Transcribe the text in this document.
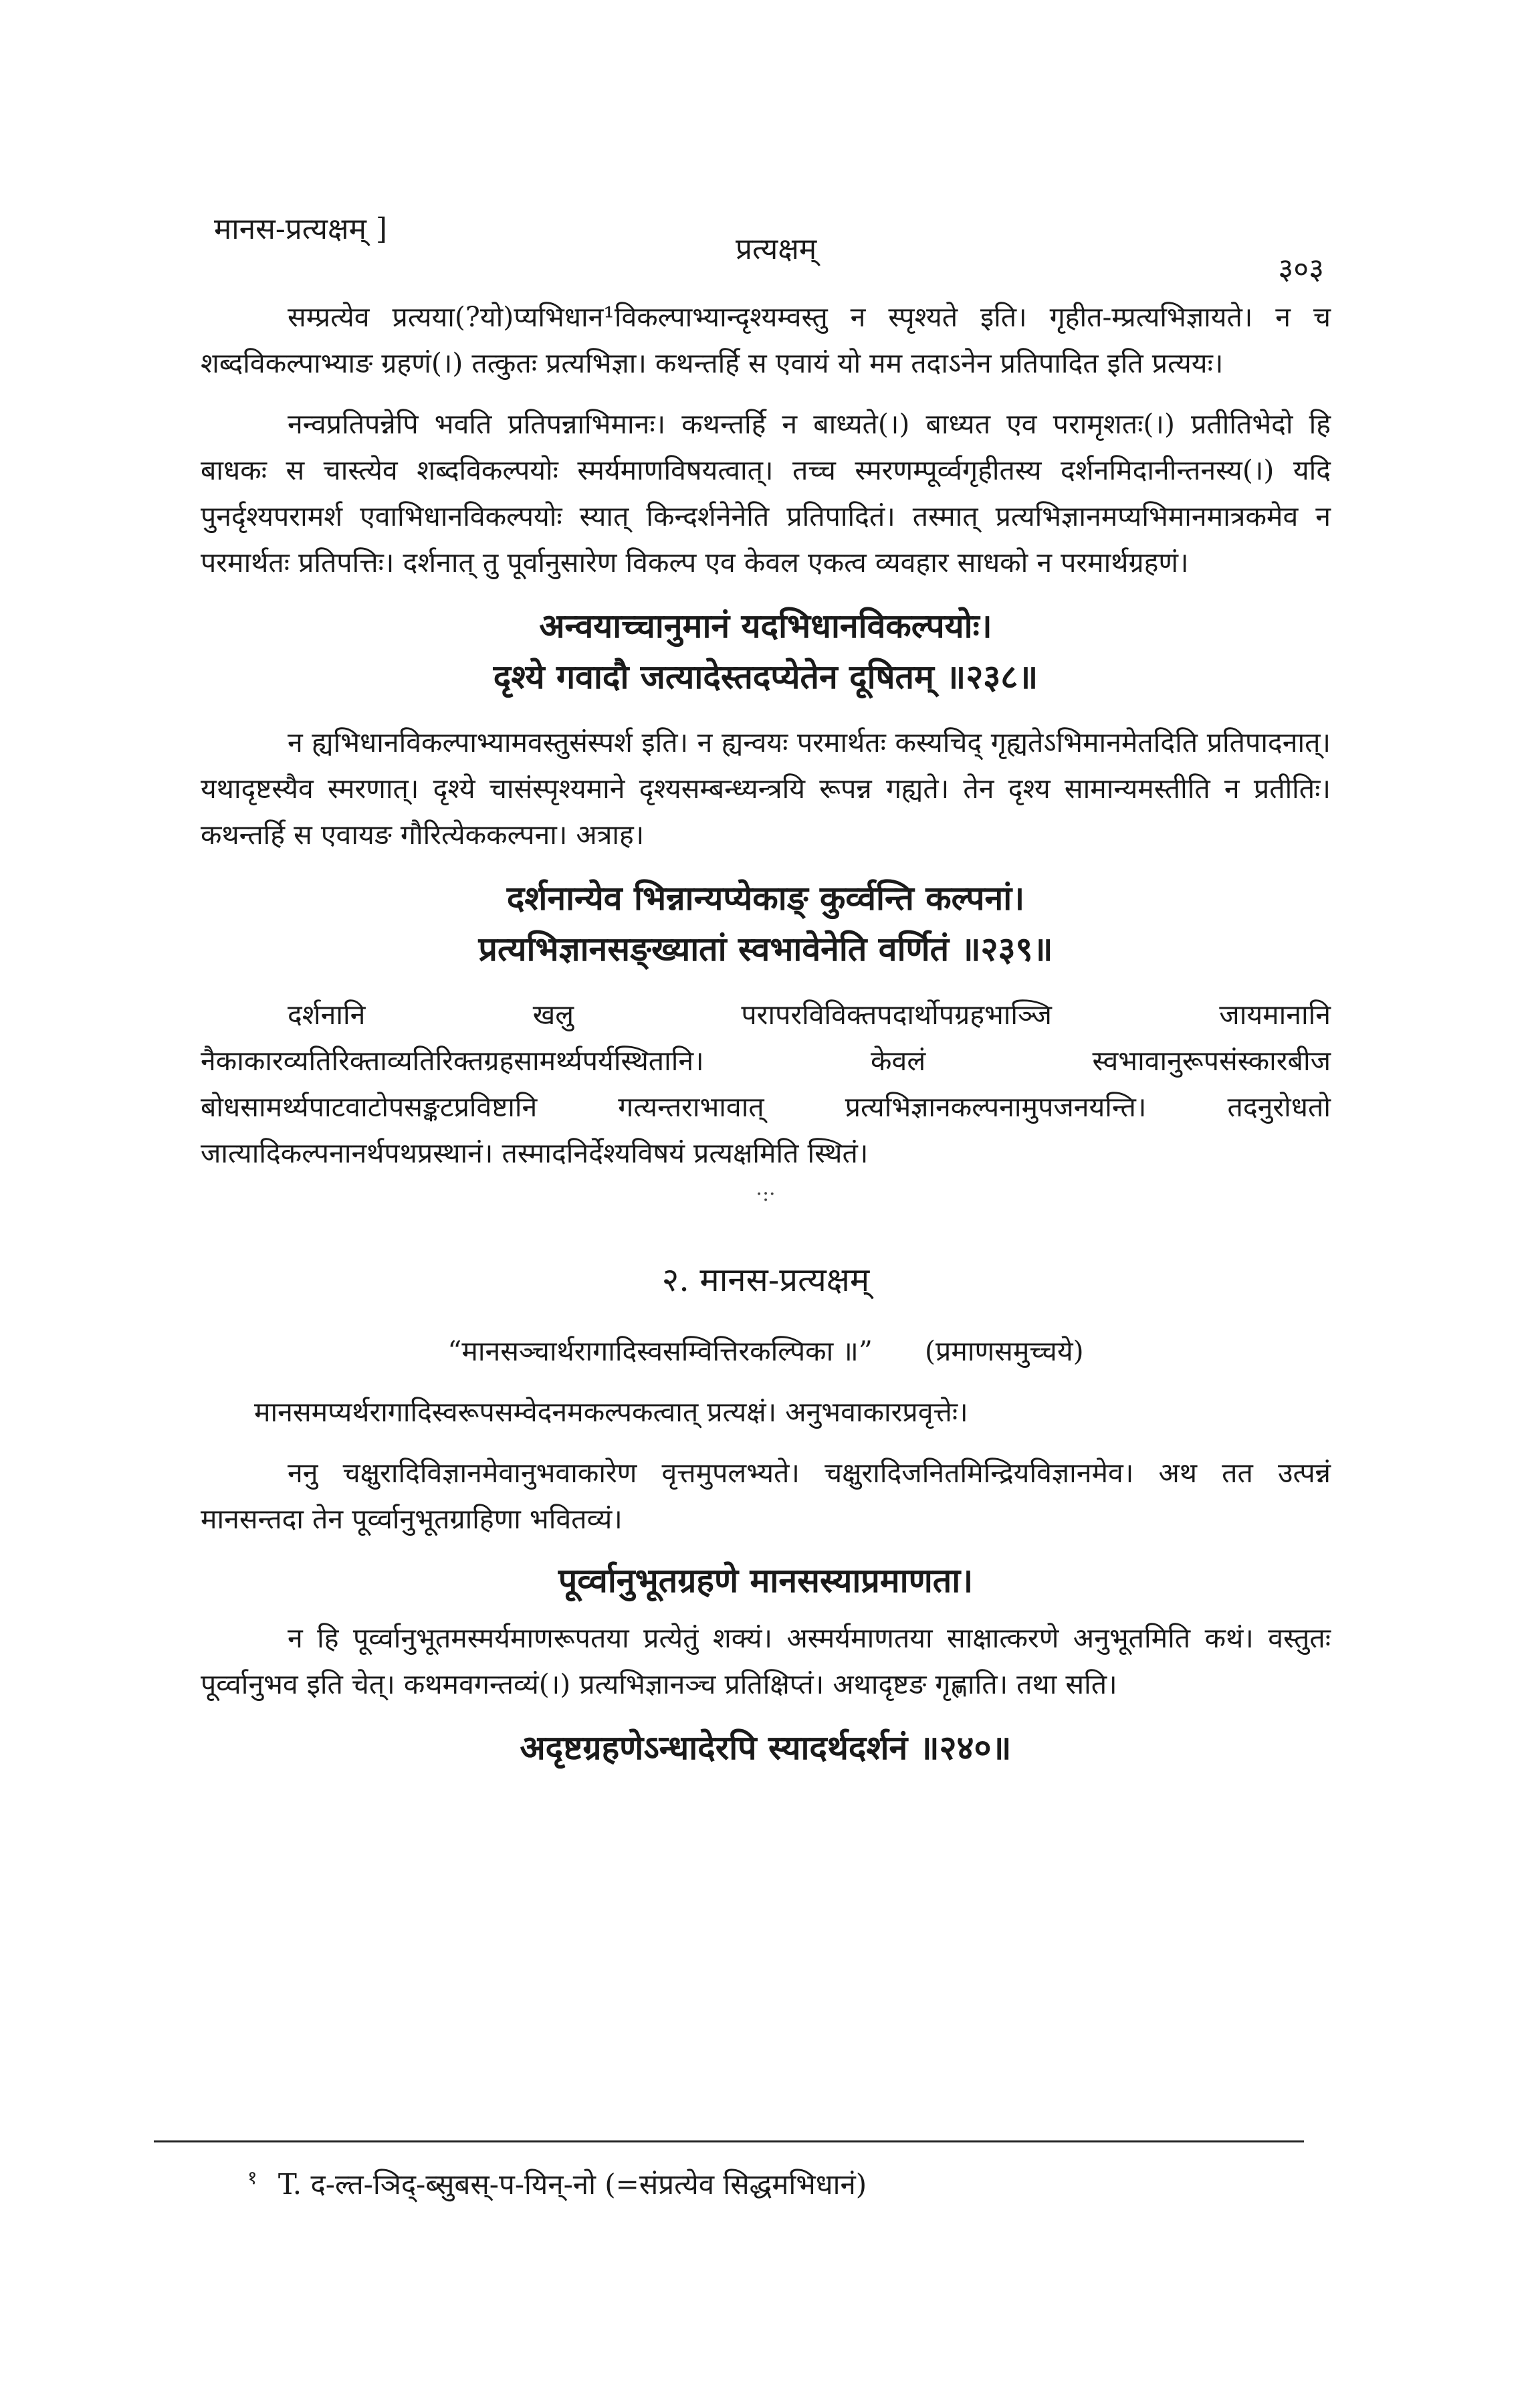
मानस-प्रत्यक्षम् ]
प्रत्यक्षम्
३०३

सम्प्रत्येव प्रत्यया(?यो)प्यभिधान¹विकल्पाभ्यान्दृश्यम्वस्तु न स्पृश्यते इति। गृहीत-म्प्रत्यभिज्ञायते। न च शब्दविकल्पाभ्याङ ग्रहणं(।) तत्कुतः प्रत्यभिज्ञा। कथन्तर्हि स एवायं यो मम तदाऽनेन प्रतिपादित इति प्रत्ययः।

नन्वप्रतिपन्नेपि भवति प्रतिपन्नाभिमानः। कथन्तर्हि न बाध्यते(।) बाध्यत एव परामृशतः(।) प्रतीतिभेदो हि बाधकः स चास्त्येव शब्दविकल्पयोः स्मर्यमाणविषयत्वात्। तच्च स्मरणम्पूर्व्वगृहीतस्य दर्शनमिदानीन्तनस्य(।) यदि पुनर्दृश्यपरामर्श एवाभिधानविकल्पयोः स्यात् किन्दर्शनेनेति प्रतिपादितं। तस्मात् प्रत्यभिज्ञानमप्यभिमानमात्रकमेव न परमार्थतः प्रतिपत्तिः। दर्शनात् तु पूर्वानुसारेण विकल्प एव केवल एकत्व व्यवहार साधको न परमार्थग्रहणं।

अन्वयाच्चानुमानं यदभिधानविकल्पयोः।
दृश्ये गवादौ जत्यादेस्तदप्येतेन दूषितम् ॥२३८॥

न ह्यभिधानविकल्पाभ्यामवस्तुसंस्पर्श इति। न ह्यन्वयः परमार्थतः कस्यचिद् गृह्यतेऽभिमानमेतदिति प्रतिपादनात्। यथादृष्टस्यैव स्मरणात्। दृश्ये चासंस्पृश्यमाने दृश्यसम्बन्ध्यन्त्रयि रूपन्न गह्यते। तेन दृश्य सामान्यमस्तीति न प्रतीतिः। कथन्तर्हि स एवायङ गौरित्येककल्पना। अत्राह।

दर्शनान्येव भिन्नान्यप्येकाङ् कुर्व्वन्ति कल्पनां।
प्रत्यभिज्ञानसङ्ख्यातां स्वभावेनेति वर्णितं ॥२३९॥

दर्शनानि खलु परापरविविक्तपदार्थोपग्रहभाञ्जि जायमानानि नैकाकारव्यतिरिक्ताव्यतिरिक्तग्रहसामर्थ्यपर्यस्थितानि। केवलं स्वभावानुरूपसंस्कारबीज बोधसामर्थ्यपाटवाटोपसङ्कटप्रविष्टानि गत्यन्तराभावात् प्रत्यभिज्ञानकल्पनामुपजनयन्ति। तदनुरोधतो जात्यादिकल्पनानर्थपथप्रस्थानं। तस्मादनिर्देश्यविषयं प्रत्यक्षमिति स्थितं।

·:·
२. मानस-प्रत्यक्षम्
“मानसञ्चार्थरागादिस्वसम्वित्तिरकल्पिका ॥” (प्रमाणसमुच्चये)

मानसमप्यर्थरागादिस्वरूपसम्वेदनमकल्पकत्वात् प्रत्यक्षं। अनुभवाकारप्रवृत्तेः।

ननु चक्षुरादिविज्ञानमेवानुभवाकारेण वृत्तमुपलभ्यते। चक्षुरादिजनितमिन्द्रियविज्ञानमेव। अथ तत उत्पन्नं मानसन्तदा तेन पूर्व्वानुभूतग्राहिणा भवितव्यं।

पूर्व्वानुभूतग्रहणे मानसस्याप्रमाणता।

न हि पूर्व्वानुभूतमस्मर्यमाणरूपतया प्रत्येतुं शक्यं। अस्मर्यमाणतया साक्षात्करणे अनुभूतमिति कथं। वस्तुतः पूर्व्वानुभव इति चेत्। कथमवगन्तव्यं(।) प्रत्यभिज्ञानञ्च प्रतिक्षिप्तं। अथादृष्टङ गृह्णाति। तथा सति।

अदृष्टग्रहणेऽन्धादेरपि स्यादर्थदर्शनं ॥२४०॥
$^१$ T. द-ल्त-ञिद्-ब्सुबस्-प-यिन्-नो (=संप्रत्येव सिद्धमभिधानं)
